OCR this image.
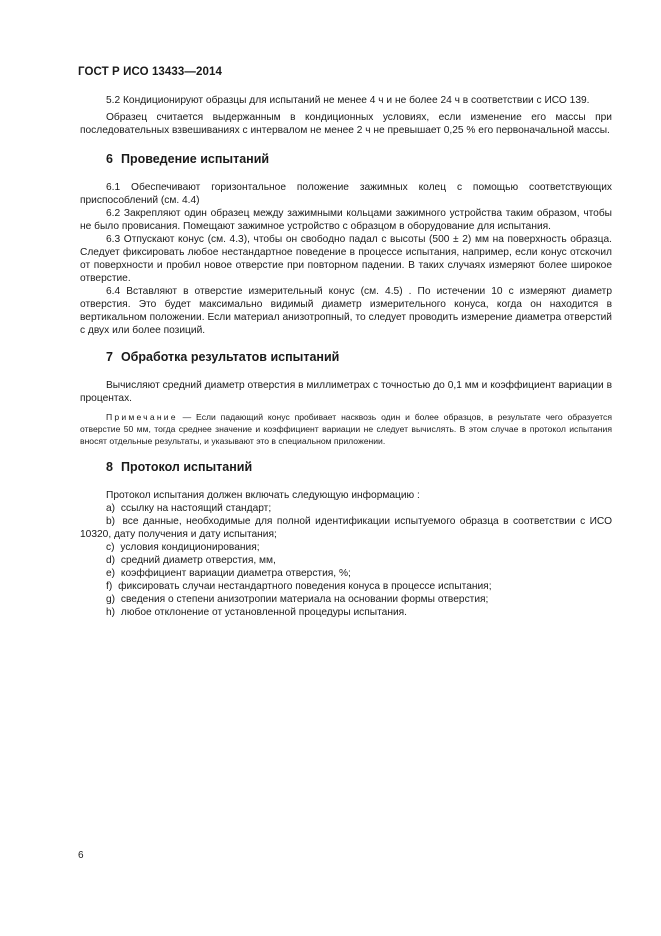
ГОСТ Р ИСО 13433—2014

5.2 Кондиционируют образцы для испытаний не менее 4 ч и не более 24 ч в соответствии с ИСО 139.

Образец считается выдержанным в кондиционных условиях, если изменение его массы при последовательных взвешиваниях с интервалом не менее 2 ч не превышает 0,25 % его первоначальной массы.

6 Проведение испытаний

6.1 Обеспечивают горизонтальное положение зажимных колец с помощью соответствующих приспособлений (см. 4.4)

6.2 Закрепляют один образец между зажимными кольцами зажимного устройства таким образом, чтобы не было провисания. Помещают зажимное устройство с образцом в оборудование для испытания.

6.3 Отпускают конус (см. 4.3), чтобы он свободно падал с высоты (500 ± 2) мм на поверхность образца. Следует фиксировать любое нестандартное поведение в процессе испытания, например, если конус отскочил от поверхности и пробил новое отверстие при повторном падении. В таких случаях измеряют более широкое отверстие.

6.4 Вставляют в отверстие измерительный конус (см. 4.5) . По истечении 10 с измеряют диаметр отверстия. Это будет максимально видимый диаметр измерительного конуса, когда он находится в вертикальном положении. Если материал анизотропный, то следует проводить измерение диаметра отверстий с двух или более позиций.

7 Обработка результатов испытаний

Вычисляют средний диаметр отверстия в миллиметрах с точностью до 0,1 мм и коэффициент вариации в процентах.

Примечание — Если падающий конус пробивает насквозь один и более образцов, в результате чего образуется отверстие 50 мм, тогда среднее значение и коэффициент вариации не следует вычислять. В этом случае в протокол испытания вносят отдельные результаты, и указывают это в специальном приложении.

8 Протокол испытаний

Протокол испытания должен включать следующую информацию :

a) ссылку на настоящий стандарт;

b) все данные, необходимые для полной идентификации испытуемого образца в соответствии с ИСО 10320, дату получения и дату испытания;

c) условия кондиционирования;

d) средний диаметр отверстия, мм,

e) коэффициент вариации диаметра отверстия, %;

f) фиксировать случаи нестандартного поведения конуса в процессе испытания;

g) сведения о степени анизотропии материала на основании формы отверстия;

h) любое отклонение от установленной процедуры испытания.

6
